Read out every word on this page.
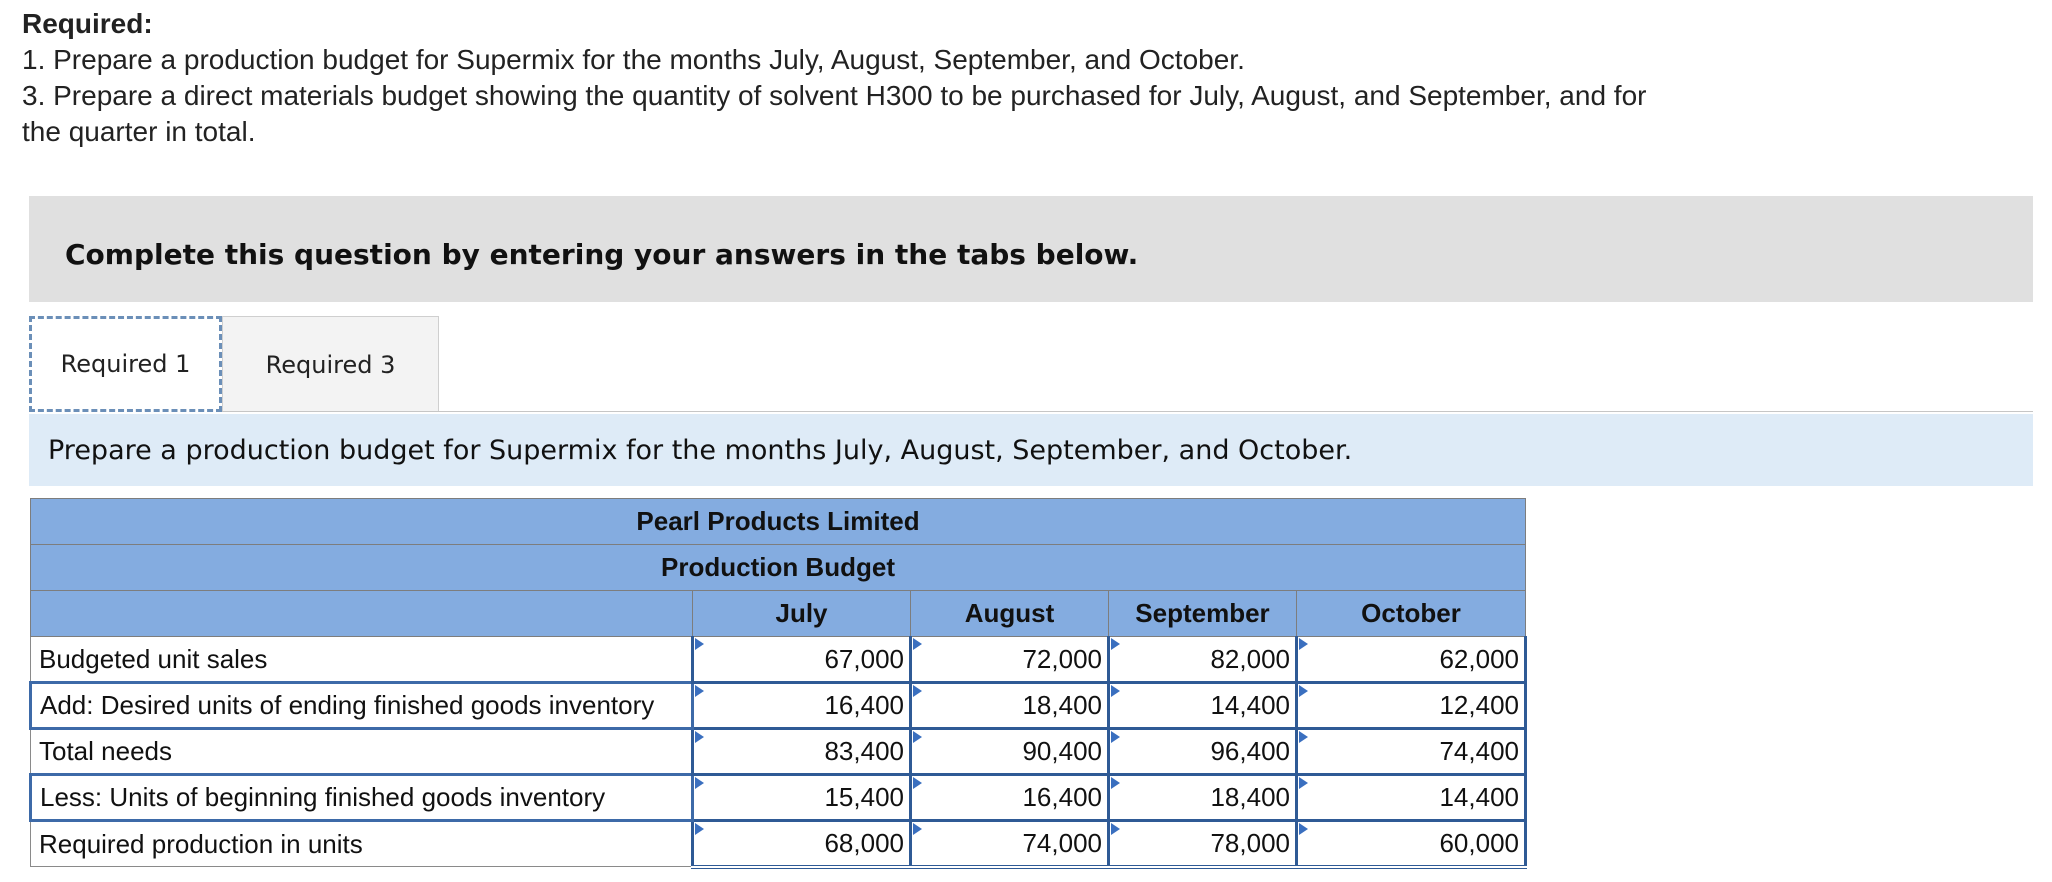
Required:
1. Prepare a production budget for Supermix for the months July, August, September, and October.
3. Prepare a direct materials budget showing the quantity of solvent H300 to be purchased for July, August, and September, and for
the quarter in total.
Complete this question by entering your answers in the tabs below.
Required 1	Required 3
Prepare a production budget for Supermix for the months July, August, September, and October.
Pearl Products Limited				
Production Budget				
	July	August	September	October
Budgeted unit sales	67,000	72,000	82,000	62,000
Add: Desired units of ending finished goods inventory	16,400	18,400	14,400	12,400
Total needs	83,400	90,400	96,400	74,400
Less: Units of beginning finished goods inventory	15,400	16,400	18,400	14,400
Required production in units	68,000	74,000	78,000	60,000
